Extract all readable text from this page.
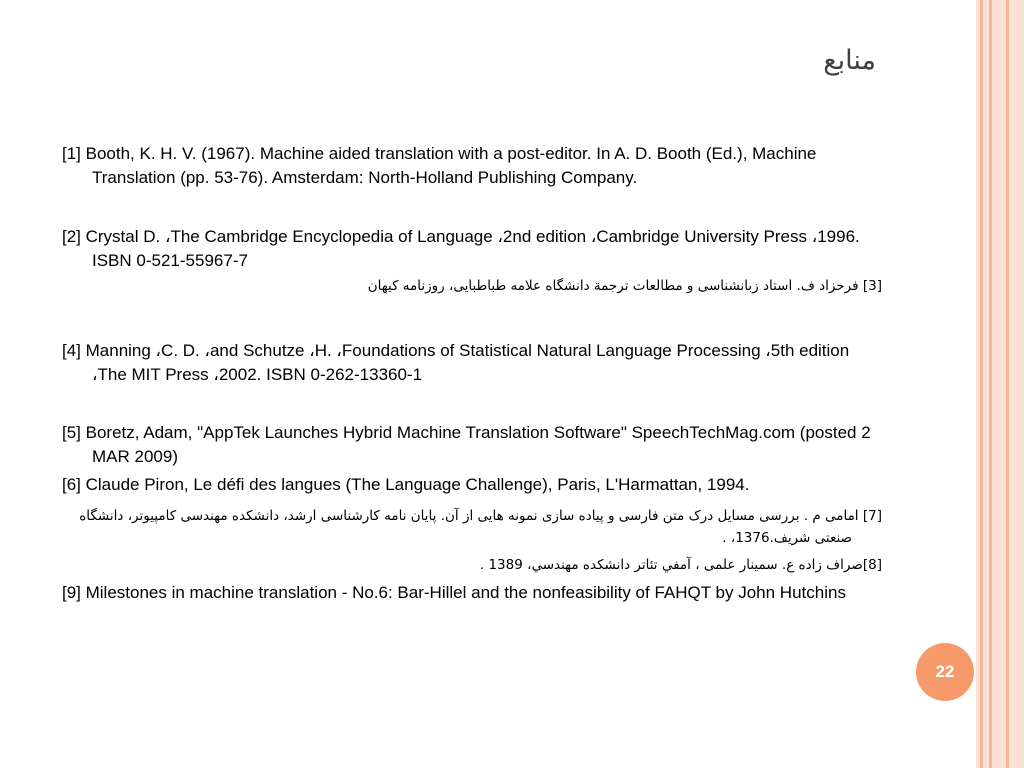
منابع

[1] Booth, K. H. V. (1967). Machine aided translation with a post-editor. In A. D. Booth (Ed.), Machine Translation (pp. 53-76). Amsterdam: North-Holland Publishing Company.

[2] Crystal D. ،The Cambridge Encyclopedia of Language ،2nd edition ،Cambridge University Press ،1996. ISBN 0-521-55967-7

[3] فرحزاد ف. استاد زبانشناسی و مطالعات ترجمة دانشگاه علامه طباطبایی، روزنامه کیهان

[4] Manning ،C. D. ،and Schutze ،H. ،Foundations of Statistical Natural Language Processing ،5th edition ،The MIT Press ،2002. ISBN 0-262-13360-1

[5] Boretz, Adam, "AppTek Launches Hybrid Machine Translation Software" SpeechTechMag.com (posted 2 MAR 2009)

[6] Claude Piron, Le défi des langues (The Language Challenge), Paris, L'Harmattan, 1994.

[7] امامی م . بررسی مسایل درک متن فارسی و پیاده سازی نمونه هایی از آن. پایان نامه کارشناسی ارشد، دانشکده مهندسی کامپیوتر، دانشگاه صنعتی شریف.1376، .

[8]صراف زاده ع. سمینار علمی ، آمفي تئاتر دانشكده مهندسي، 1389 .

[9] Milestones in machine translation - No.6: Bar-Hillel and the nonfeasibility of FAHQT by John Hutchins

22
